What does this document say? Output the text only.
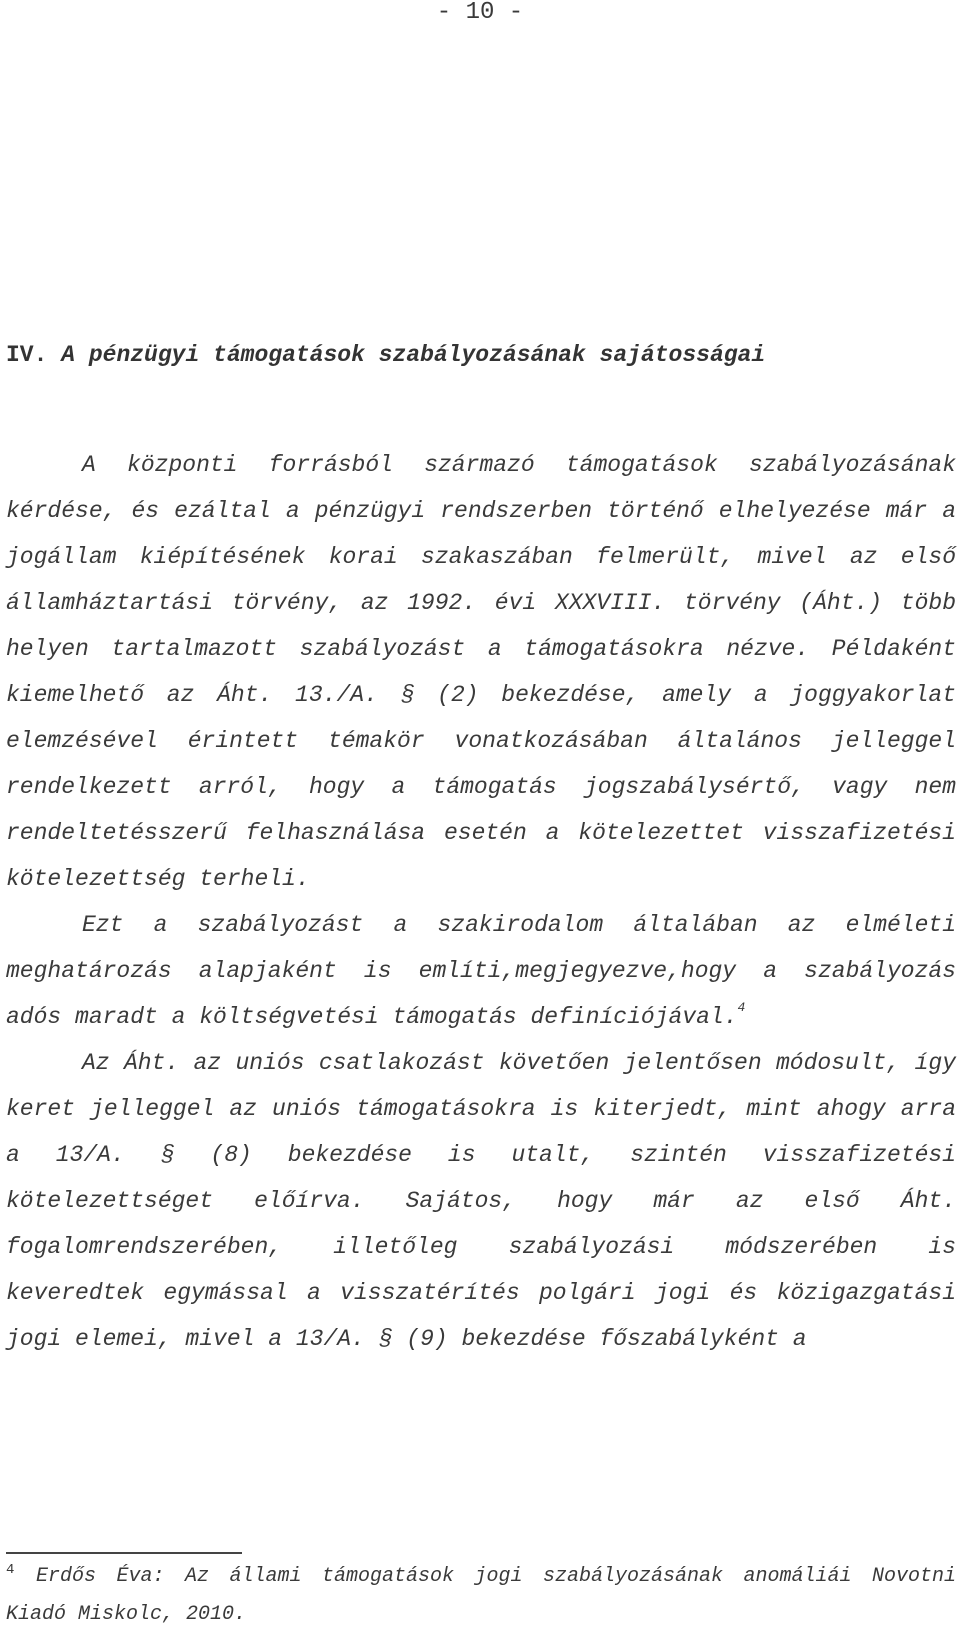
- 10 -
IV. A pénzügyi támogatások szabályozásának sajátosságai

A központi forrásból származó támogatások szabályozásának kérdése, és ezáltal a pénzügyi rendszerben történő elhelyezése már a jogállam kiépítésének korai szakaszában felmerült, mivel az első államháztartási törvény, az 1992. évi XXXVIII. törvény (Áht.) több helyen tartalmazott szabályozást a támogatásokra nézve. Példaként kiemelhető az Áht. 13./A. § (2) bekezdése, amely a joggyakorlat elemzésével érintett témakör vonatkozásában általános jelleggel rendelkezett arról, hogy a támogatás jogszabálysértő, vagy nem rendeltetésszerű felhasználása esetén a kötelezettet visszafizetési kötelezettség terheli.

Ezt a szabályozást a szakirodalom általában az elméleti meghatározás alapjaként is említi,megjegyezve,hogy a szabályozás adós maradt a költségvetési támogatás definíciójával.$^4$

Az Áht. az uniós csatlakozást követően jelentősen módosult, így keret jelleggel az uniós támogatásokra is kiterjedt, mint ahogy arra a 13/A. § (8) bekezdése is utalt, szintén visszafizetési kötelezettséget előírva. Sajátos, hogy már az első Áht. fogalomrendszerében, illetőleg szabályozási módszerében is keveredtek egymással a visszatérítés polgári jogi és közigazgatási jogi elemei, mivel a 13/A. § (9) bekezdése főszabályként a

4 Erdős Éva: Az állami támogatások jogi szabályozásának anomáliái Novotni Kiadó Miskolc, 2010.
